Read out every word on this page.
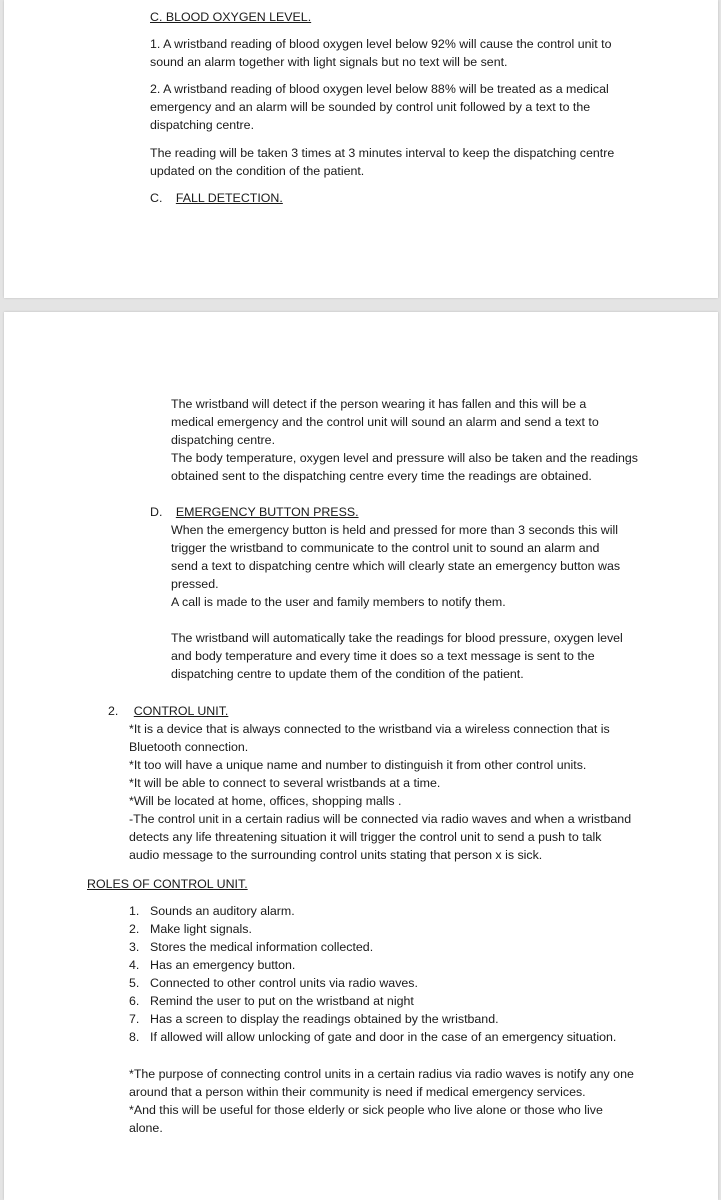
C. BLOOD OXYGEN LEVEL.
1. A wristband reading of blood oxygen level below 92% will cause the control unit to
sound an alarm together with light signals but no text will be sent.
2. A wristband reading of blood oxygen level below 88% will be treated as a medical
emergency and an alarm will be sounded by control unit followed by a text to the
dispatching centre.
The reading will be taken 3 times at 3 minutes interval to keep the dispatching centre
updated on the condition of the patient.
C. FALL DETECTION.
The wristband will detect if the person wearing it has fallen and this will be a
medical emergency and the control unit will sound an alarm and send a text to
dispatching centre.
The body temperature, oxygen level and pressure will also be taken and the readings
obtained sent to the dispatching centre every time the readings are obtained.
D. EMERGENCY BUTTON PRESS.
When the emergency button is held and pressed for more than 3 seconds this will
trigger the wristband to communicate to the control unit to sound an alarm and
send a text to dispatching centre which will clearly state an emergency button was
pressed.
A call is made to the user and family members to notify them.
The wristband will automatically take the readings for blood pressure, oxygen level
and body temperature and every time it does so a text message is sent to the
dispatching centre to update them of the condition of the patient.
2. CONTROL UNIT.
*It is a device that is always connected to the wristband via a wireless connection that is
Bluetooth connection.
*It too will have a unique name and number to distinguish it from other control units.
*It will be able to connect to several wristbands at a time.
*Will be located at home, offices, shopping malls .
-The control unit in a certain radius will be connected via radio waves and when a wristband
detects any life threatening situation it will trigger the control unit to send a push to talk
audio message to the surrounding control units stating that person x is sick.
ROLES OF CONTROL UNIT.
1. Sounds an auditory alarm.
2. Make light signals.
3. Stores the medical information collected.
4. Has an emergency button.
5. Connected to other control units via radio waves.
6. Remind the user to put on the wristband at night
7. Has a screen to display the readings obtained by the wristband.
8. If allowed will allow unlocking of gate and door in the case of an emergency situation.
*The purpose of connecting control units in a certain radius via radio waves is notify any one
around that a person within their community is need if medical emergency services.
*And this will be useful for those elderly or sick people who live alone or those who live
alone.
